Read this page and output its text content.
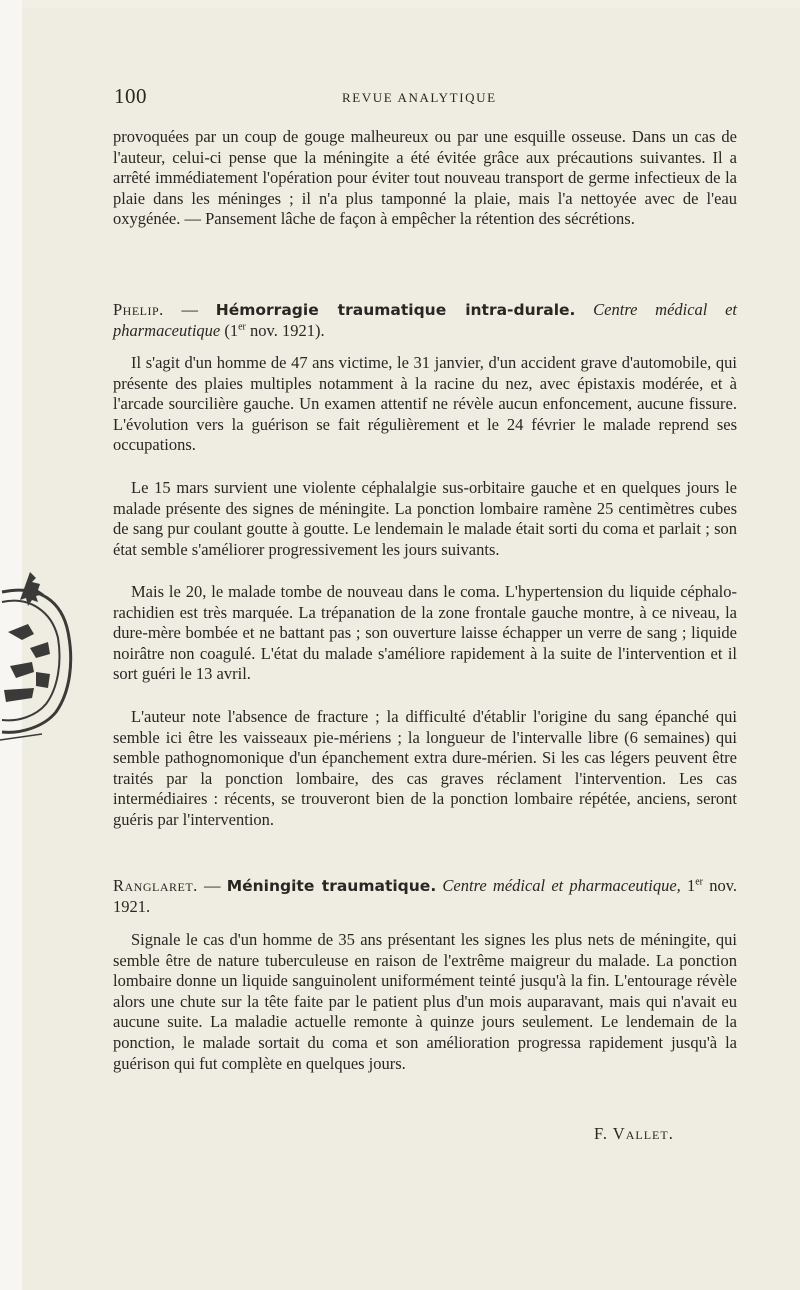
100	REVUE ANALYTIQUE

provoquées par un coup de gouge malheureux ou par une esquille osseuse. Dans un cas de l'auteur, celui-ci pense que la méningite a été évitée grâce aux précautions suivantes. Il a arrêté immédiatement l'opération pour éviter tout nouveau transport de germe infectieux de la plaie dans les méninges ; il n'a plus tamponné la plaie, mais l'a nettoyée avec de l'eau oxygénée. — Pansement lâche de façon à empêcher la rétention des sécrétions.

Phelip. — Hémorragie traumatique intra-durale. Centre médical et pharmaceutique (1er nov. 1921).

Il s'agit d'un homme de 47 ans victime, le 31 janvier, d'un accident grave d'automobile, qui présente des plaies multiples notamment à la racine du nez, avec épistaxis modérée, et à l'arcade sourcilière gauche. Un examen attentif ne révèle aucun enfoncement, aucune fissure. L'évolution vers la guérison se fait régulièrement et le 24 février le malade reprend ses occupations.

Le 15 mars survient une violente céphalalgie sus-orbitaire gauche et en quelques jours le malade présente des signes de méningite. La ponction lombaire ramène 25 centimètres cubes de sang pur coulant goutte à goutte. Le lendemain le malade était sorti du coma et parlait ; son état semble s'améliorer progressivement les jours suivants.

Mais le 20, le malade tombe de nouveau dans le coma. L'hypertension du liquide céphalo-rachidien est très marquée. La trépanation de la zone frontale gauche montre, à ce niveau, la dure-mère bombée et ne battant pas ; son ouverture laisse échapper un verre de sang ; liquide noirâtre non coagulé. L'état du malade s'améliore rapidement à la suite de l'intervention et il sort guéri le 13 avril.

L'auteur note l'absence de fracture ; la difficulté d'établir l'origine du sang épanché qui semble ici être les vaisseaux pie-mériens ; la longueur de l'intervalle libre (6 semaines) qui semble pathognomonique d'un épanchement extra dure-mérien. Si les cas légers peuvent être traités par la ponction lombaire, des cas graves réclament l'intervention. Les cas intermédiaires : récents, se trouveront bien de la ponction lombaire répétée, anciens, seront guéris par l'intervention.

Ranglaret. — Méningite traumatique. Centre médical et pharmaceutique, 1er nov. 1921.

Signale le cas d'un homme de 35 ans présentant les signes les plus nets de méningite, qui semble être de nature tuberculeuse en raison de l'extrême maigreur du malade. La ponction lombaire donne un liquide sanguinolent uniformément teinté jusqu'à la fin. L'entourage révèle alors une chute sur la tête faite par le patient plus d'un mois auparavant, mais qui n'avait eu aucune suite. La maladie actuelle remonte à quinze jours seulement. Le lendemain de la ponction, le malade sortait du coma et son amélioration progressa rapidement jusqu'à la guérison qui fut complète en quelques jours.

F. Vallet.
